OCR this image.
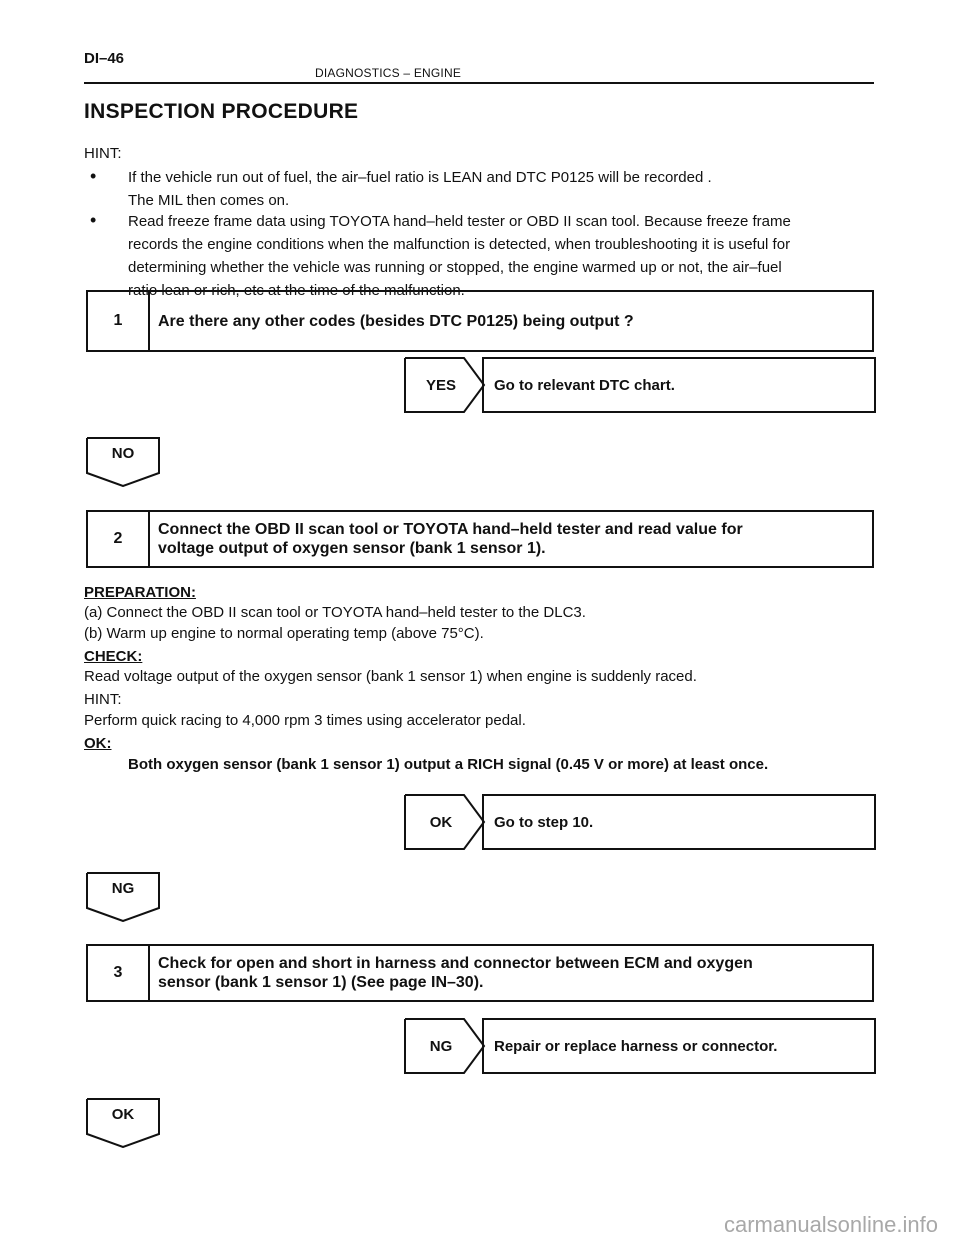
DI–46
DIAGNOSTICS – ENGINE
INSPECTION PROCEDURE
HINT:
• If the vehicle run out of fuel, the air–fuel ratio is LEAN and DTC P0125 will be recorded .
The MIL then comes on.
• Read freeze frame data using TOYOTA hand–held tester or OBD II scan tool. Because freeze frame
records the engine conditions when the malfunction is detected, when troubleshooting it is useful for
determining whether the vehicle was running or stopped, the engine warmed up or not, the air–fuel
ratio lean or rich, etc at the time of the malfunction.
1	Are there any other codes (besides DTC P0125) being output ?
YES	Go to relevant DTC chart.
NO
2
Connect the OBD II scan tool or TOYOTA hand–held tester and read value for
voltage output of oxygen sensor (bank 1 sensor 1).
PREPARATION:
(a) Connect the OBD II scan tool or TOYOTA hand–held tester to the DLC3.
(b) Warm up engine to normal operating temp (above 75°C).
CHECK:
Read voltage output of the oxygen sensor (bank 1 sensor 1) when engine is suddenly raced.
HINT:
Perform quick racing to 4,000 rpm 3 times using accelerator pedal.
OK:
Both oxygen sensor (bank 1 sensor 1) output a RICH signal (0.45 V or more) at least once.
OK	Go to step 10.
NG
3
Check for open and short in harness and connector between ECM and oxygen
sensor (bank 1 sensor 1) (See page IN–30).
NG	Repair or replace harness or connector.
OK
carmanualsonline.info
